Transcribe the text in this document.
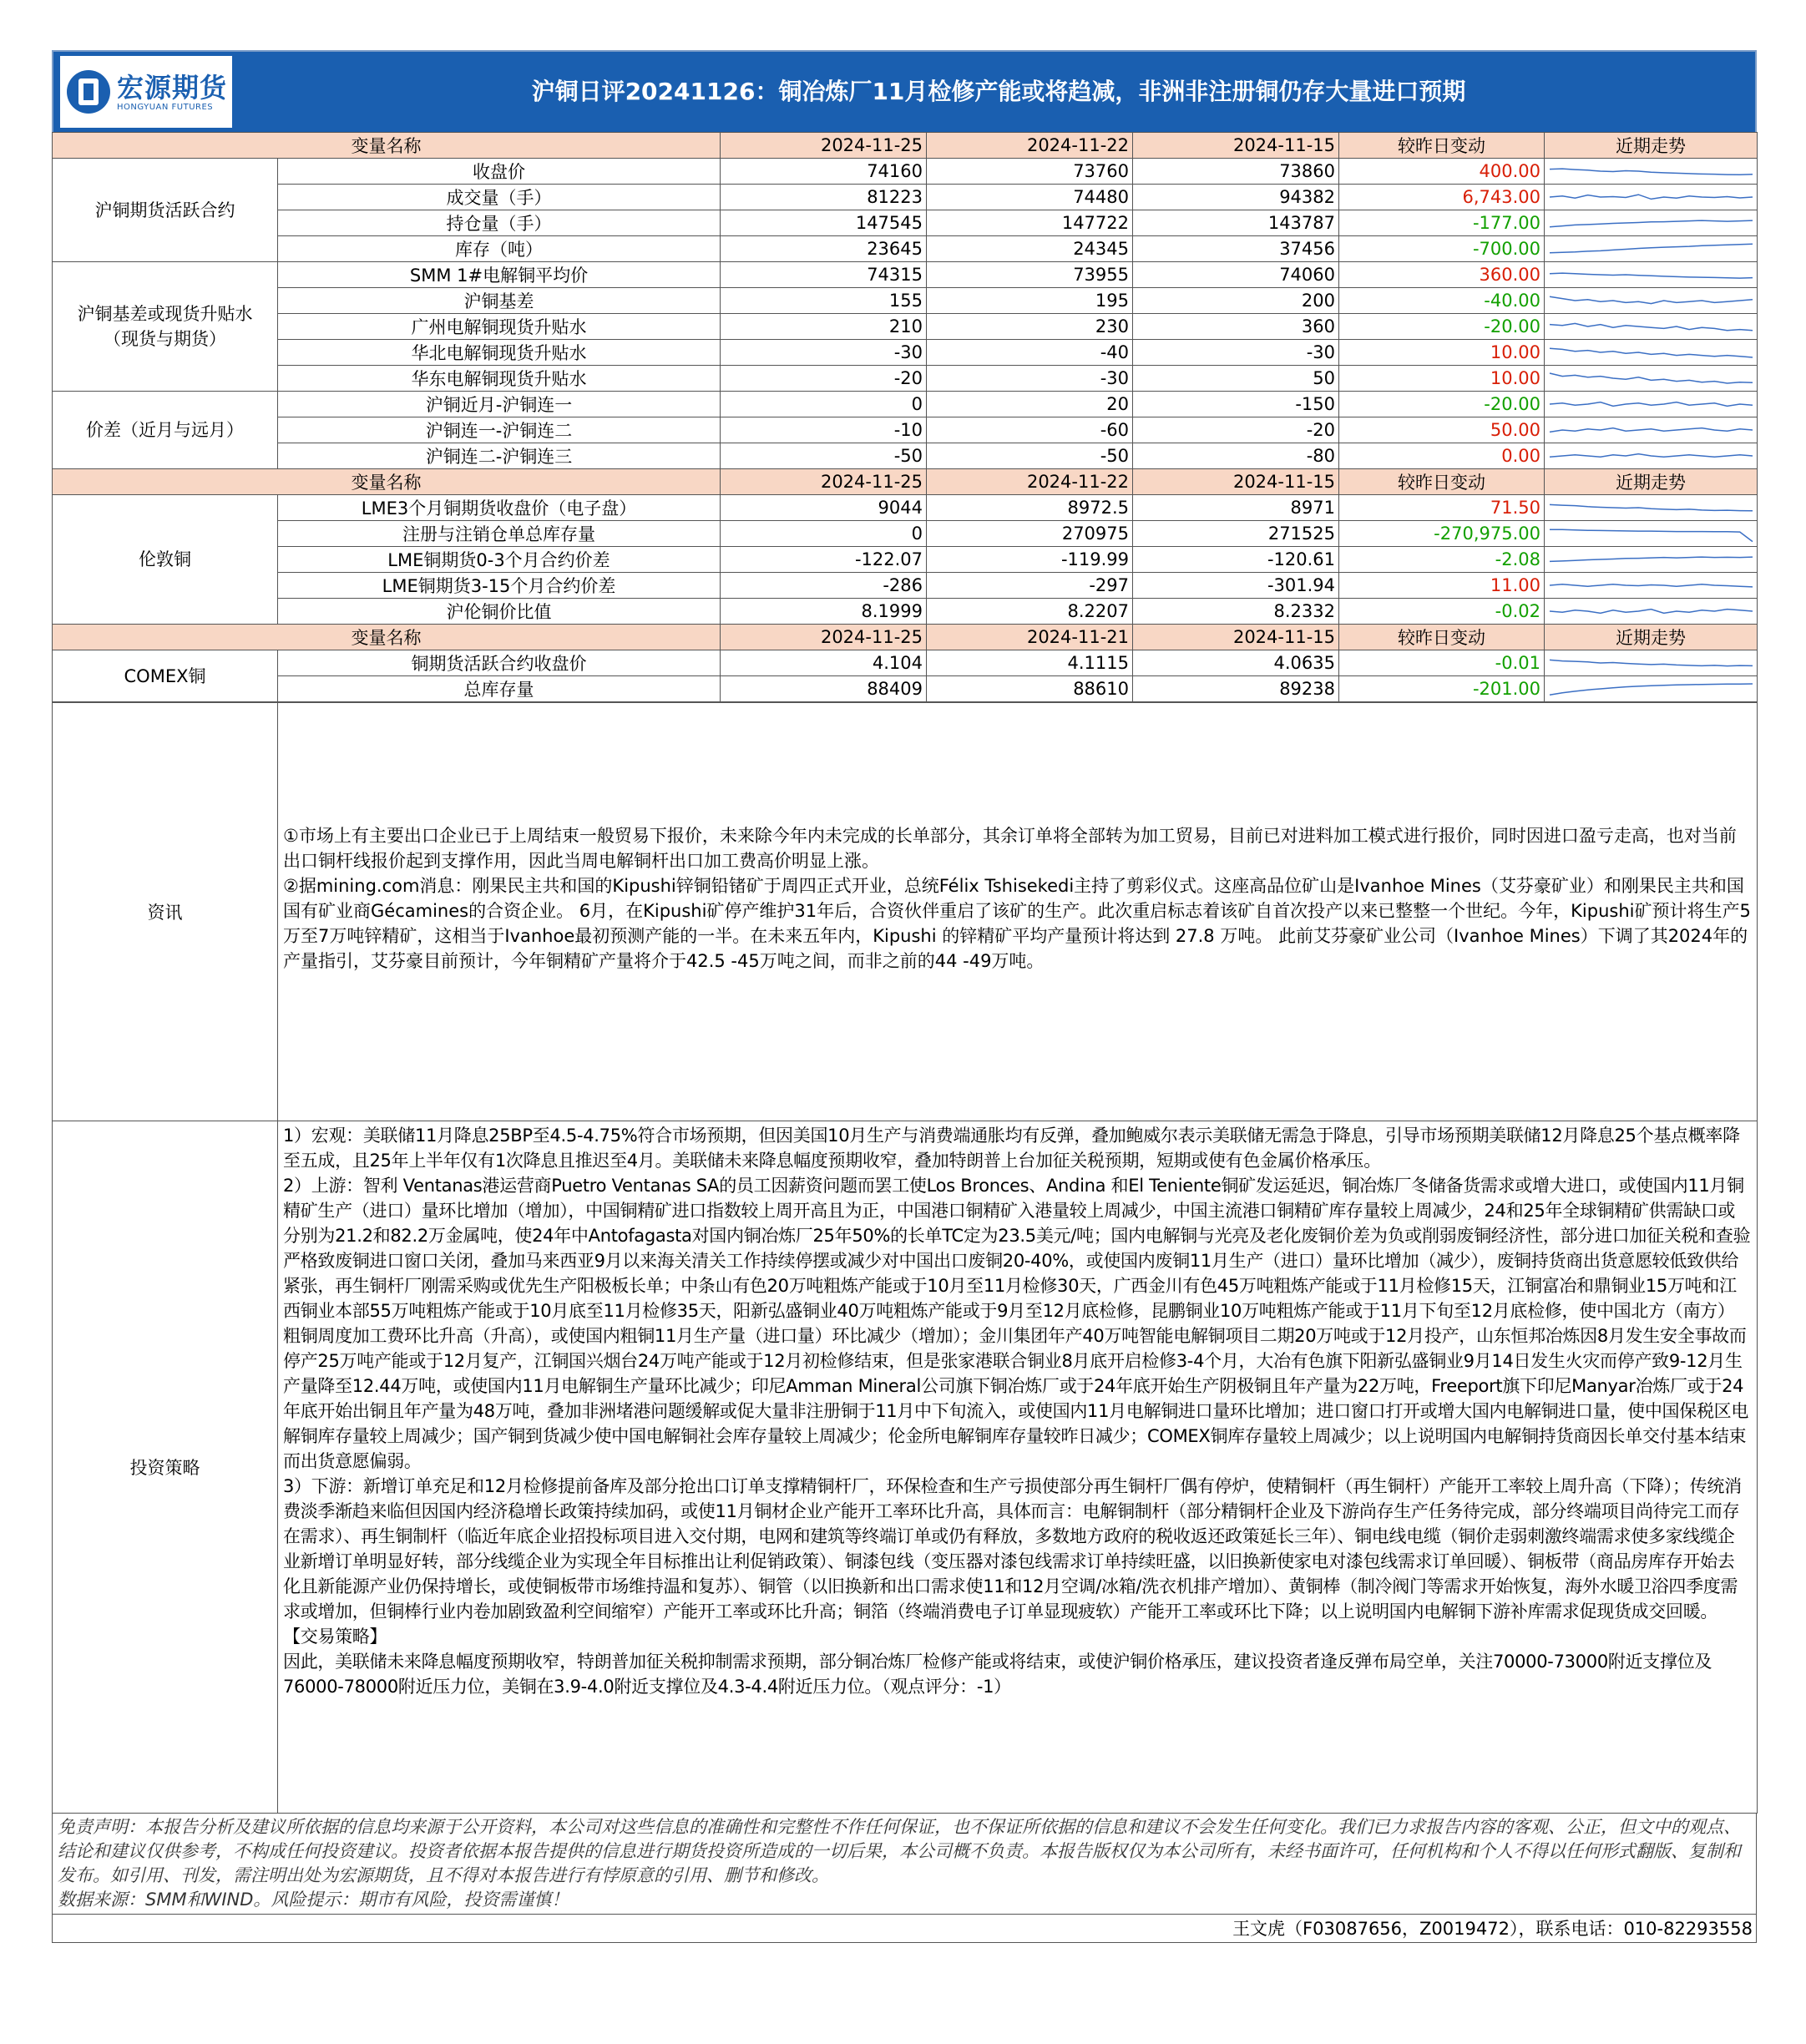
宏源期货
HONGYUAN FUTURES
沪铜日评20241126：铜冶炼厂11月检修产能或将趋减，非洲非注册铜仍存大量进口预期
变量名称		2024-11-25	2024-11-22	2024-11-15	较昨日变动	近期走势

沪铜期货活跃合约	收盘价	74160	73760	73860	400.00	

	成交量（手）	81223	74480	94382	6,743.00	

	持仓量（手）	147545	147722	143787	-177.00	

	库存（吨）	23645	24345	37456	-700.00	

沪铜基差或现货升贴水
（现货与期货）	SMM 1#电解铜平均价	74315	73955	74060	360.00	

	沪铜基差	155	195	200	-40.00	

	广州电解铜现货升贴水	210	230	360	-20.00	

	华北电解铜现货升贴水	-30	-40	-30	10.00	

	华东电解铜现货升贴水	-20	-30	50	10.00	

价差（近月与远月）	沪铜近月-沪铜连一	0	20	-150	-20.00	

	沪铜连一-沪铜连二	-10	-60	-20	50.00	

	沪铜连二-沪铜连三	-50	-50	-80	0.00	

变量名称		2024-11-25	2024-11-22	2024-11-15	较昨日变动	近期走势

伦敦铜	LME3个月铜期货收盘价（电子盘）	9044	8972.5	8971	71.50	

	注册与注销仓单总库存量	0	270975	271525	-270,975.00	

	LME铜期货0-3个月合约价差	-122.07	-119.99	-120.61	-2.08	

	LME铜期货3-15个月合约价差	-286	-297	-301.94	11.00	

	沪伦铜价比值	8.1999	8.2207	8.2332	-0.02	

变量名称		2024-11-25	2024-11-21	2024-11-15	较昨日变动	近期走势

COMEX铜	铜期货活跃合约收盘价	4.104	4.1115	4.0635	-0.01	

	总库存量	88409	88610	89238	-201.00	
资讯	①市场上有主要出口企业已于上周结束一般贸易下报价，未来除今年内未完成的长单部分，其余订单将全部转为加工贸易，目前已对进料加工模式进行报价，同时因进口盈亏走高，也对当前出口铜杆线报价起到支撑作用，因此当周电解铜杆出口加工费高价明显上涨。
②据mining.com消息：刚果民主共和国的Kipushi锌铜铅锗矿于周四正式开业，总统Félix Tshisekedi主持了剪彩仪式。这座高品位矿山是Ivanhoe Mines（艾芬豪矿业）和刚果民主共和国国有矿业商Gécamines的合资企业。 6月，在Kipushi矿停产维护31年后，合资伙伴重启了该矿的生产。此次重启标志着该矿自首次投产以来已整整一个世纪。今年，Kipushi矿预计将生产5万至7万吨锌精矿，这相当于Ivanhoe最初预测产能的一半。在未来五年内，Kipushi 的锌精矿平均产量预计将达到 27.8 万吨。 此前艾芬豪矿业公司（Ivanhoe Mines）下调了其2024年的产量指引，艾芬豪目前预计，今年铜精矿产量将介于42.5 -45万吨之间，而非之前的44 -49万吨。

投资策略	1）宏观：美联储11月降息25BP至4.5-4.75%符合市场预期，但因美国10月生产与消费端通胀均有反弹，叠加鲍威尔表示美联储无需急于降息，引导市场预期美联储12月降息25个基点概率降至五成，且25年上半年仅有1次降息且推迟至4月。美联储未来降息幅度预期收窄，叠加特朗普上台加征关税预期，短期或使有色金属价格承压。
2）上游：智利 Ventanas港运营商Puetro Ventanas SA的员工因薪资问题而罢工使Los Bronces、Andina 和El Teniente铜矿发运延迟，铜冶炼厂冬储备货需求或增大进口，或使国内11月铜精矿生产（进口）量环比增加（增加），中国铜精矿进口指数较上周开高且为正，中国港口铜精矿入港量较上周减少，中国主流港口铜精矿库存量较上周减少，24和25年全球铜精矿供需缺口或分别为21.2和82.2万金属吨，使24年中Antofagasta对国内铜冶炼厂25年50%的长单TC定为23.5美元/吨；国内电解铜与光亮及老化废铜价差为负或削弱废铜经济性，部分进口加征关税和查验严格致废铜进口窗口关闭，叠加马来西亚9月以来海关清关工作持续停摆或减少对中国出口废铜20-40%，或使国内废铜11月生产（进口）量环比增加（减少），废铜持货商出货意愿较低致供给紧张，再生铜杆厂刚需采购或优先生产阳极板长单；中条山有色20万吨粗炼产能或于10月至11月检修30天，广西金川有色45万吨粗炼产能或于11月检修15天，江铜富冶和鼎铜业15万吨和江西铜业本部55万吨粗炼产能或于10月底至11月检修35天，阳新弘盛铜业40万吨粗炼产能或于9月至12月底检修，昆鹏铜业10万吨粗炼产能或于11月下旬至12月底检修，使中国北方（南方）粗铜周度加工费环比升高（升高），或使国内粗铜11月生产量（进口量）环比减少（增加）；金川集团年产40万吨智能电解铜项目二期20万吨或于12月投产，山东恒邦冶炼因8月发生安全事故而停产25万吨产能或于12月复产，江铜国兴烟台24万吨产能或于12月初检修结束，但是张家港联合铜业8月底开启检修3-4个月，大冶有色旗下阳新弘盛铜业9月14日发生火灾而停产致9-12月生产量降至12.44万吨，或使国内11月电解铜生产量环比减少；印尼Amman Mineral公司旗下铜冶炼厂或于24年底开始生产阴极铜且年产量为22万吨，Freeport旗下印尼Manyar冶炼厂或于24年底开始出铜且年产量为48万吨，叠加非洲堵港问题缓解或促大量非注册铜于11月中下旬流入，或使国内11月电解铜进口量环比增加；进口窗口打开或增大国内电解铜进口量，使中国保税区电解铜库存量较上周减少；国产铜到货减少使中国电解铜社会库存量较上周减少；伦金所电解铜库存量较昨日减少；COMEX铜库存量较上周减少；以上说明国内电解铜持货商因长单交付基本结束而出货意愿偏弱。
3）下游：新增订单充足和12月检修提前备库及部分抢出口订单支撑精铜杆厂，环保检查和生产亏损使部分再生铜杆厂偶有停炉，使精铜杆（再生铜杆）产能开工率较上周升高（下降）；传统消费淡季渐趋来临但因国内经济稳增长政策持续加码，或使11月铜材企业产能开工率环比升高，具体而言：电解铜制杆（部分精铜杆企业及下游尚存生产任务待完成，部分终端项目尚待完工而存在需求）、再生铜制杆（临近年底企业招投标项目进入交付期，电网和建筑等终端订单或仍有释放，多数地方政府的税收返还政策延长三年）、铜电线电缆（铜价走弱刺激终端需求使多家线缆企业新增订单明显好转，部分线缆企业为实现全年目标推出让利促销政策）、铜漆包线（变压器对漆包线需求订单持续旺盛，以旧换新使家电对漆包线需求订单回暖）、铜板带（商品房库存开始去化且新能源产业仍保持增长，或使铜板带市场维持温和复苏）、铜管（以旧换新和出口需求使11和12月空调/冰箱/洗衣机排产增加）、黄铜棒（制冷阀门等需求开始恢复，海外水暖卫浴四季度需求或增加，但铜棒行业内卷加剧致盈利空间缩窄）产能开工率或环比升高；铜箔（终端消费电子订单显现疲软）产能开工率或环比下降；以上说明国内电解铜下游补库需求促现货成交回暖。
【交易策略】
因此，美联储未来降息幅度预期收窄，特朗普加征关税抑制需求预期，部分铜冶炼厂检修产能或将结束，或使沪铜价格承压，建议投资者逢反弹布局空单，关注70000-73000附近支撑位及76000-78000附近压力位，美铜在3.9-4.0附近支撑位及4.3-4.4附近压力位。（观点评分：-1）
免责声明：本报告分析及建议所依据的信息均来源于公开资料，本公司对这些信息的准确性和完整性不作任何保证，也不保证所依据的信息和建议不会发生任何变化。我们已力求报告内容的客观、公正，但文中的观点、结论和建议仅供参考，不构成任何投资建议。投资者依据本报告提供的信息进行期货投资所造成的一切后果，本公司概不负责。本报告版权仅为本公司所有，未经书面许可，任何机构和个人不得以任何形式翻版、复制和发布。如引用、刊发，需注明出处为宏源期货，且不得对本报告进行有悖原意的引用、删节和修改。
数据来源：SMM和WIND。风险提示：期市有风险，投资需谨慎！
王文虎（F03087656，Z0019472），联系电话：010-82293558
